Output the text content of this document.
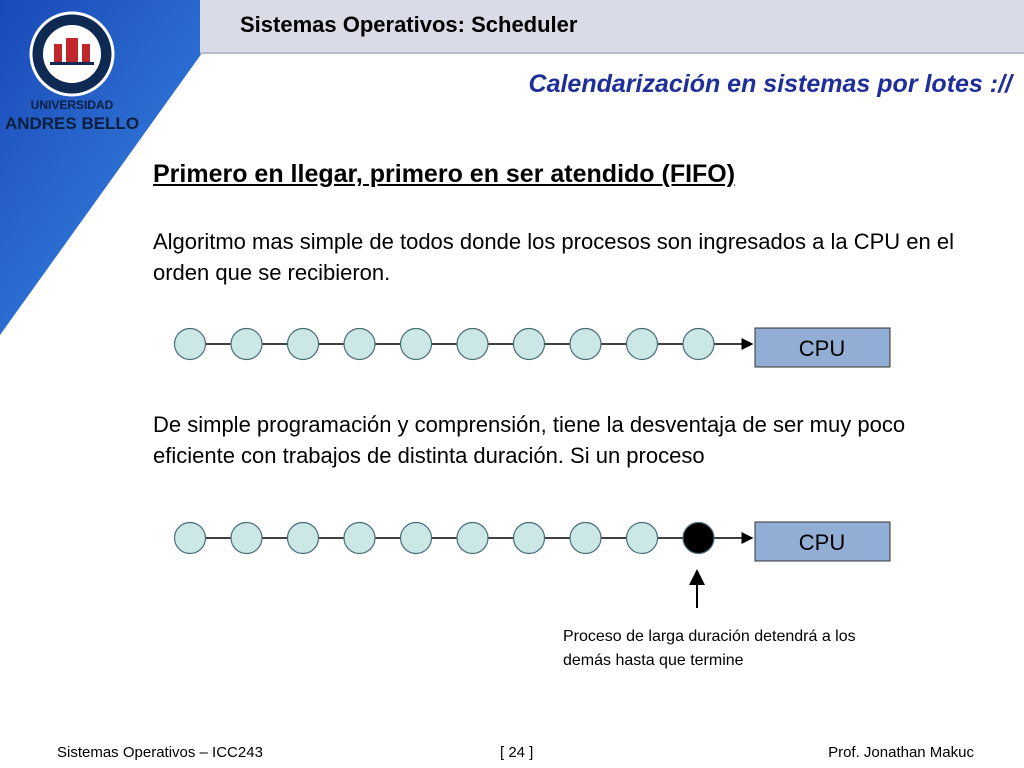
Sistemas Operativos: Scheduler
UNIVERSIDAD
ANDRES BELLO
Calendarización en sistemas por lotes ://
Primero en llegar, primero en ser atendido (FIFO)
Algoritmo mas simple de todos donde los procesos son ingresados a la CPU en el orden que se recibieron.
De simple programación y comprensión, tiene la desventaja de ser muy poco eficiente con trabajos de distinta duración. Si un proceso
CPU
CPU
Proceso de larga duración detendrá a los demás hasta que termine
Sistemas Operativos – ICC243	[ 24 ]	Prof. Jonathan Makuc
